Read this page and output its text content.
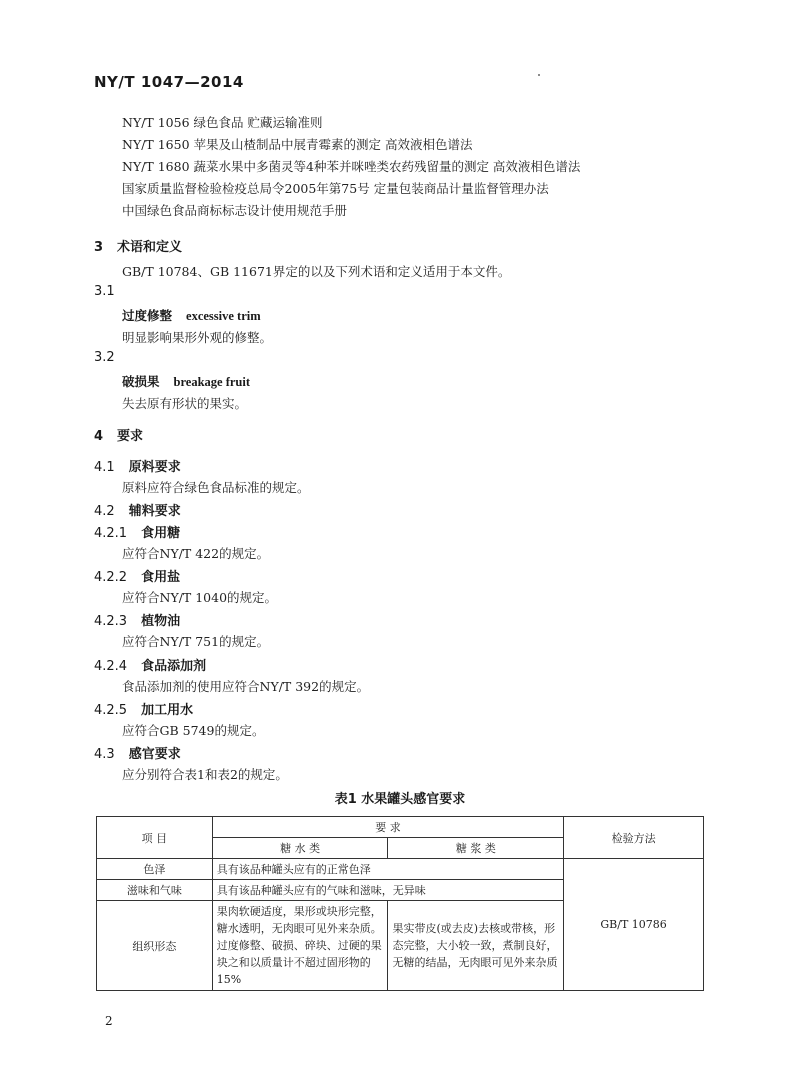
NY/T 1047—2014
NY/T 1056 绿色食品 贮藏运输准则
NY/T 1650 苹果及山楂制品中展青霉素的测定 高效液相色谱法
NY/T 1680 蔬菜水果中多菌灵等4种苯并咪唑类农药残留量的测定 高效液相色谱法
国家质量监督检验检疫总局令2005年第75号 定量包装商品计量监督管理办法
中国绿色食品商标标志设计使用规范手册
3 术语和定义
GB/T 10784、GB 11671界定的以及下列术语和定义适用于本文件。
3.1
过度修整 excessive trim
明显影响果形外观的修整。
3.2
破损果 breakage fruit
失去原有形状的果实。
4 要求
4.1 原料要求
原料应符合绿色食品标准的规定。
4.2 辅料要求
4.2.1 食用糖
应符合NY/T 422的规定。
4.2.2 食用盐
应符合NY/T 1040的规定。
4.2.3 植物油
应符合NY/T 751的规定。
4.2.4 食品添加剂
食品添加剂的使用应符合NY/T 392的规定。
4.2.5 加工用水
应符合GB 5749的规定。
4.3 感官要求
应分别符合表1和表2的规定。
表1 水果罐头感官要求
项 目	要 求		检验方法
	糖 水 类	糖 浆 类	
色泽	具有该品种罐头应有的正常色泽		GB/T 10786
滋味和气味	具有该品种罐头应有的气味和滋味，无异味		
组织形态	果肉软硬适度，果形或块形完整，糖水透明，无肉眼可见外来杂质。过度修整、破损、碎块、过硬的果块之和以质量计不超过固形物的15%	果实带皮(或去皮)去核或带核，形态完整，大小较一致，煮制良好，无糖的结晶，无肉眼可见外来杂质	
2
